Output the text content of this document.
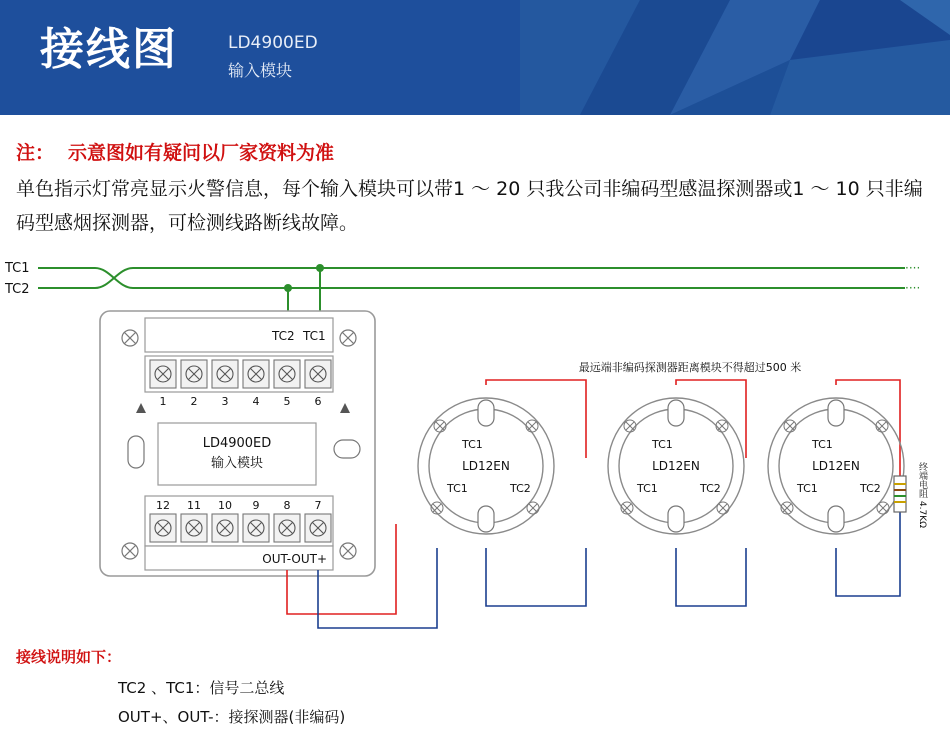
接线图	LD4900ED
输入模块
注： 示意图如有疑问以厂家资料为准
单色指示灯常亮显示火警信息，每个输入模块可以带1 ～ 20 只我公司非编码型感温探测器或1 ～ 10 只非编码型感烟探测器，可检测线路断线故障。
····
····
TC1
TC2
TC2 TC1
1 2 3 4 5 6
LD4900ED
输入模块
12 11 10 9 8 7
OUT-OUT+
最远端非编码探测器距离模块不得超过500 米
LD12EN
TC1
TC1	TC2
LD12EN
TC1
TC1	TC2
LD12EN
TC1
TC1	TC2	终端电阻 4.7KΩ
接线说明如下：
TC2 、TC1：信号二总线
OUT+、OUT-：接探测器(非编码)
